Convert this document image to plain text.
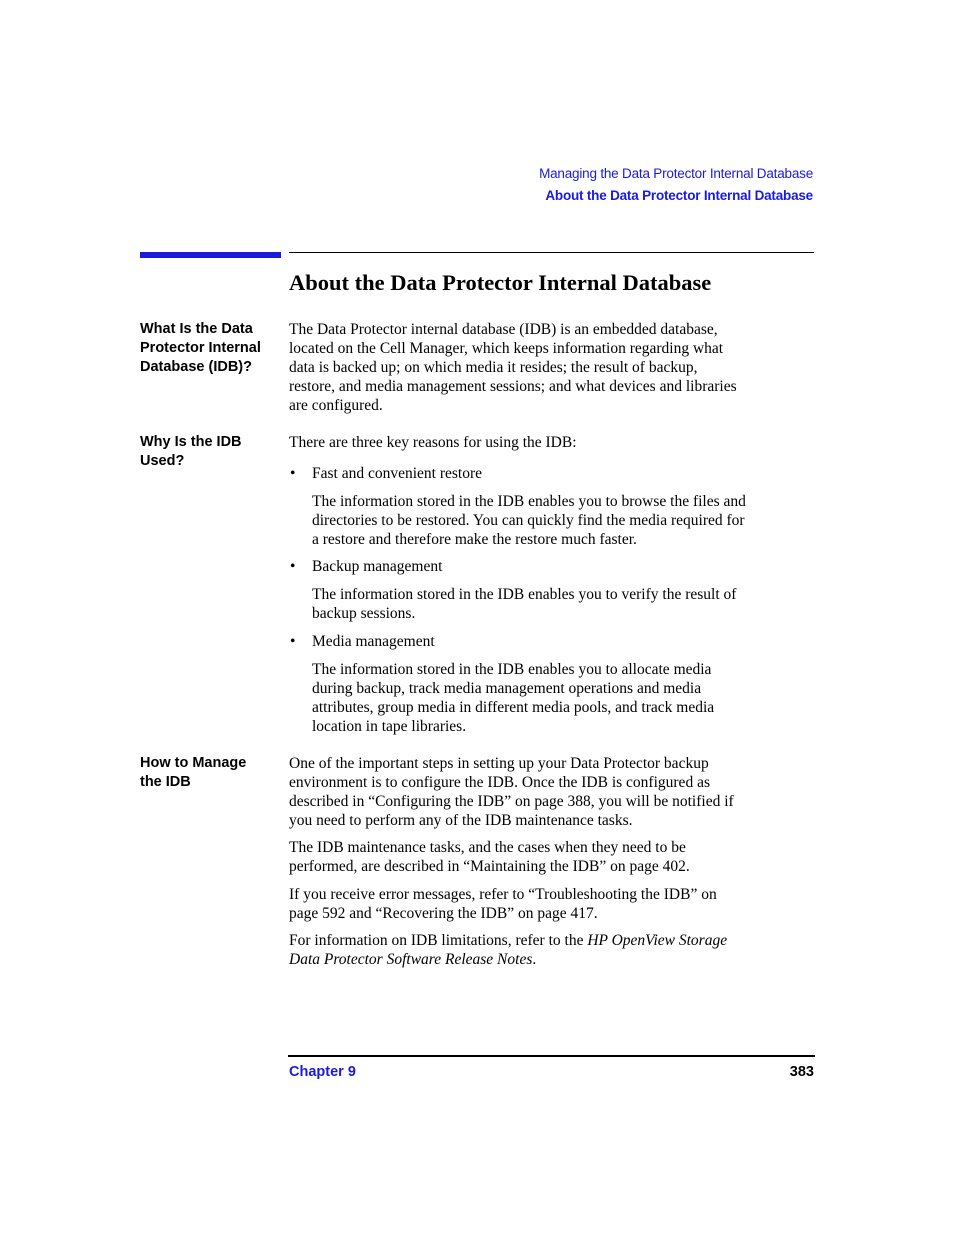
Managing the Data Protector Internal Database
About the Data Protector Internal Database
About the Data Protector Internal Database
What Is the Data
Protector Internal
Database (IDB)?
The Data Protector internal database (IDB) is an embedded database,
located on the Cell Manager, which keeps information regarding what
data is backed up; on which media it resides; the result of backup,
restore, and media management sessions; and what devices and libraries
are configured.
Why Is the IDB
Used?
There are three key reasons for using the IDB:
• Fast and convenient restore
The information stored in the IDB enables you to browse the files and
directories to be restored. You can quickly find the media required for
a restore and therefore make the restore much faster.
• Backup management
The information stored in the IDB enables you to verify the result of
backup sessions.
• Media management
The information stored in the IDB enables you to allocate media
during backup, track media management operations and media
attributes, group media in different media pools, and track media
location in tape libraries.
How to Manage
the IDB
One of the important steps in setting up your Data Protector backup
environment is to configure the IDB. Once the IDB is configured as
described in “Configuring the IDB” on page 388, you will be notified if
you need to perform any of the IDB maintenance tasks.
The IDB maintenance tasks, and the cases when they need to be
performed, are described in “Maintaining the IDB” on page 402.
If you receive error messages, refer to “Troubleshooting the IDB” on
page 592 and “Recovering the IDB” on page 417.
For information on IDB limitations, refer to the HP OpenView Storage
Data Protector Software Release Notes.
Chapter 9	383
